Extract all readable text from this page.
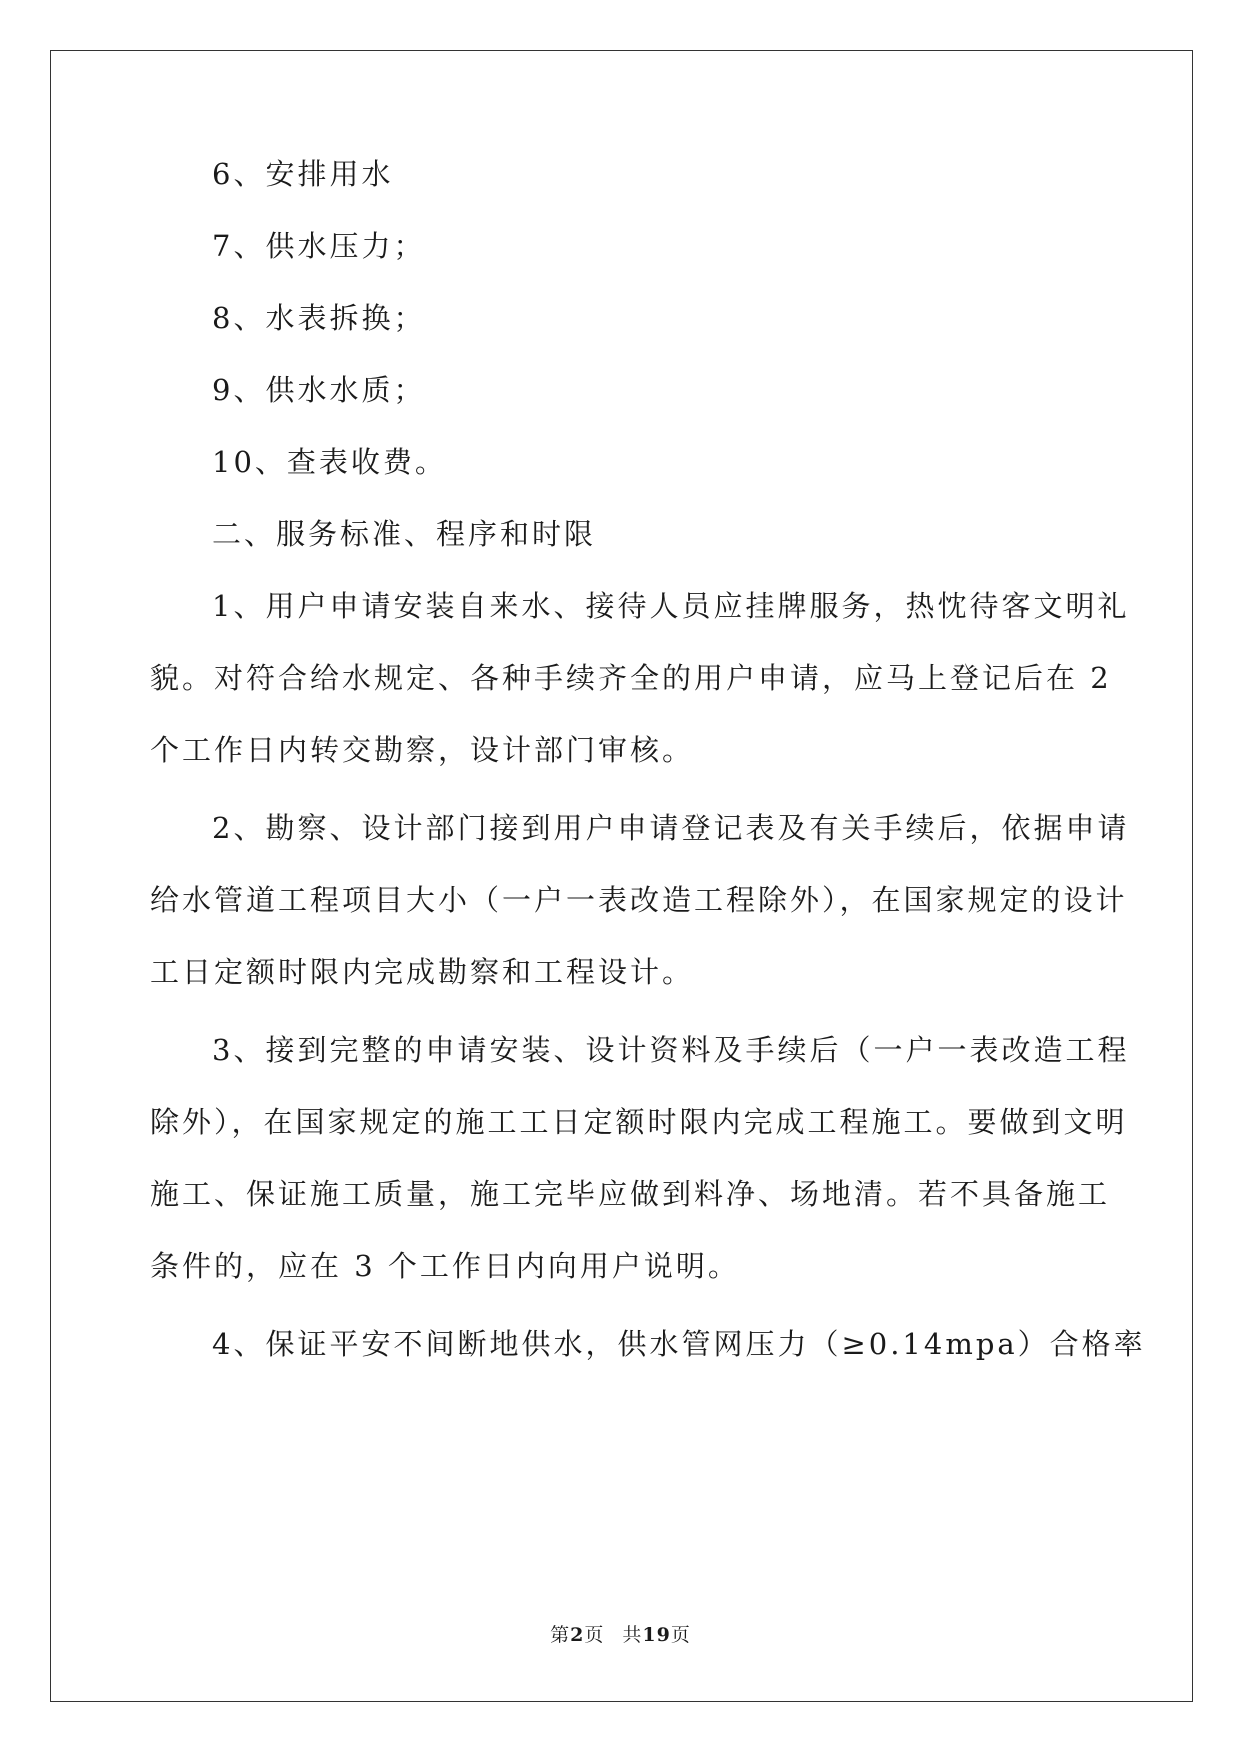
6、安排用水
7、供水压力；
8、水表拆换；
9、供水水质；
10、查表收费。
二、服务标准、程序和时限
1、用户申请安装自来水、接待人员应挂牌服务，热忱待客文明礼
貌。对符合给水规定、各种手续齐全的用户申请，应马上登记后在 2
个工作日内转交勘察，设计部门审核。
2、勘察、设计部门接到用户申请登记表及有关手续后，依据申请
给水管道工程项目大小（一户一表改造工程除外），在国家规定的设计
工日定额时限内完成勘察和工程设计。
3、接到完整的申请安装、设计资料及手续后（一户一表改造工程
除外），在国家规定的施工工日定额时限内完成工程施工。要做到文明
施工、保证施工质量，施工完毕应做到料净、场地清。若不具备施工
条件的，应在 3 个工作日内向用户说明。
4、保证平安不间断地供水，供水管网压力（≥0.14mpa）合格率
第2页 共19页
